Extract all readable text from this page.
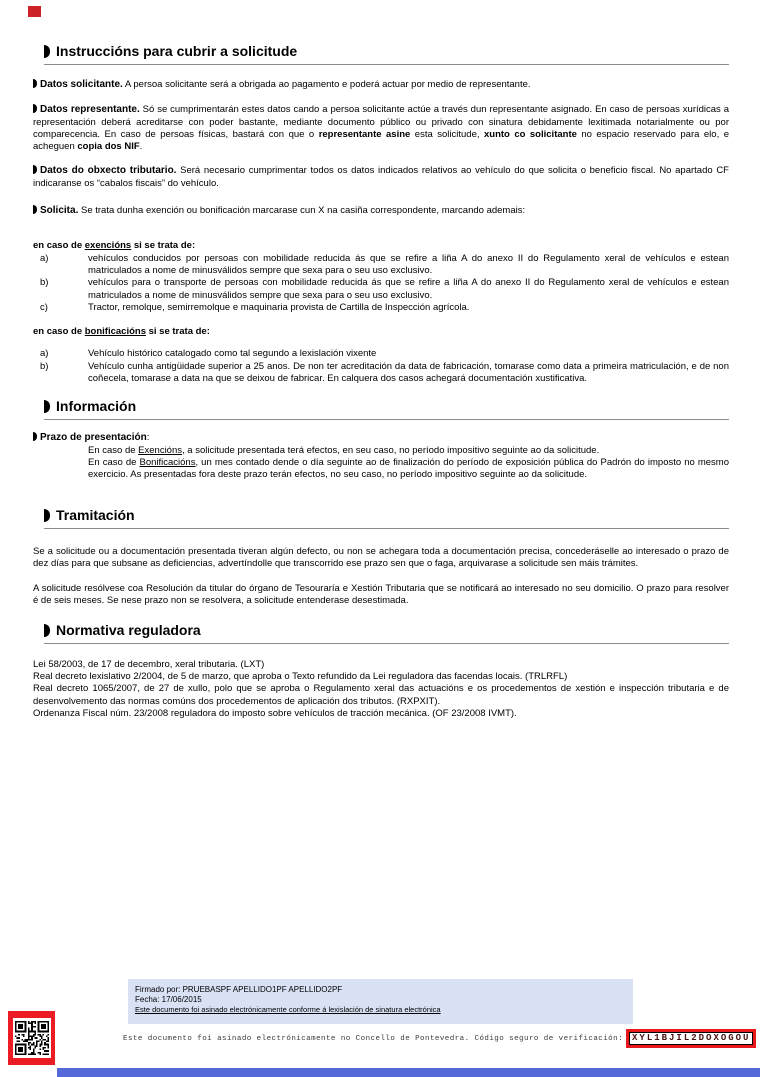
Instruccións para cubrir a solicitude
Datos solicitante. A persoa solicitante será a obrigada ao pagamento e poderá actuar por medio de representante.
Datos representante. Só se cumprimentarán estes datos cando a persoa solicitante actúe a través dun representante asignado. En caso de persoas xurídicas a representación deberá acreditarse con poder bastante, mediante documento público ou privado con sinatura debidamente lexitimada notarialmente ou por comparecencia. En caso de persoas físicas, bastará con que o representante asine esta solicitude, xunto co solicitante no espacio reservado para elo, e acheguen copia dos NIF.
Datos do obxecto tributario. Será necesario cumprimentar todos os datos indicados relativos ao vehículo do que solicita o beneficio fiscal. No apartado CF indicaranse os “cabalos fiscais” do vehículo.
Solicita. Se trata dunha exención ou bonificación marcarase cun X na casiña correspondente, marcando ademais:
en caso de exencións si se trata de:
a)	vehículos conducidos por persoas con mobilidade reducida ás que se refire a liña A do anexo II do Regulamento xeral de vehículos e estean matriculados a nome de minusválidos sempre que sexa para o seu uso exclusivo.
b)	vehículos para o transporte de persoas con mobilidade reducida ás que se refire a liña A do anexo II do Regulamento xeral de vehículos e estean matriculados a nome de minusválidos sempre que sexa para o seu uso exclusivo.
c)	Tractor, remolque, semirremolque e maquinaria provista de Cartilla de Inspección agrícola.
en caso de bonificacións si se trata de:
a)	Vehículo histórico catalogado como tal segundo a lexislación vixente
b)	Vehículo cunha antigüidade superior a 25 anos. De non ter acreditación da data de fabricación, tomarase como data a primeira matriculación, e de non coñecela, tomarase a data na que se deixou de fabricar. En calquera dos casos achegará documentación xustificativa.
Información
Prazo de presentación:
En caso de Exencións, a solicitude presentada terá efectos, en seu caso, no período impositivo seguinte ao da solicitude.
En caso de Bonificacións, un mes contado dende o día seguinte ao de finalización do período de exposición pública do Padrón do imposto no mesmo exercicio. As presentadas fora deste prazo terán efectos, no seu caso, no período impositivo seguinte ao da solicitude.
Tramitación
Se a solicitude ou a documentación presentada tiveran algún defecto, ou non se achegara toda a documentación precisa, concederáselle ao interesado o prazo de dez días para que subsane as deficiencias, advertíndolle que transcorrido ese prazo sen que o faga, arquivarase a solicitude sen máis trámites.
A solicitude resólvese coa Resolución da titular do órgano de Tesouraría e Xestión Tributaria que se notificará ao interesado no seu domicilio. O prazo para resolver é de seis meses. Se nese prazo non se resolvera, a solicitude entenderase desestimada.
Normativa reguladora
Lei 58/2003, de 17 de decembro, xeral tributaria. (LXT)
Real decreto lexislativo 2/2004, de 5 de marzo, que aproba o Texto refundido da Lei reguladora das facendas locais. (TRLRFL)
Real decreto 1065/2007, de 27 de xullo, polo que se aproba o Regulamento xeral das actuacións e os procedementos de xestión e inspección tributaria e de desenvolvemento das normas comúns dos procedementos de aplicación dos tributos. (RXPXIT).
Ordenanza Fiscal núm. 23/2008 reguladora do imposto sobre vehículos de tracción mecánica. (OF 23/2008 IVMT).
Firmado por: PRUEBASPF APELLIDO1PF APELLIDO2PF
Fecha: 17/06/2015
Este documento foi asinado electrónicamente conforme á lexislación de sinatura electrónica
Este documento foi asinado electrónicamente no Concello de Pontevedra. Código seguro de verificación:	XYL1BJIL2DOXOGOU
